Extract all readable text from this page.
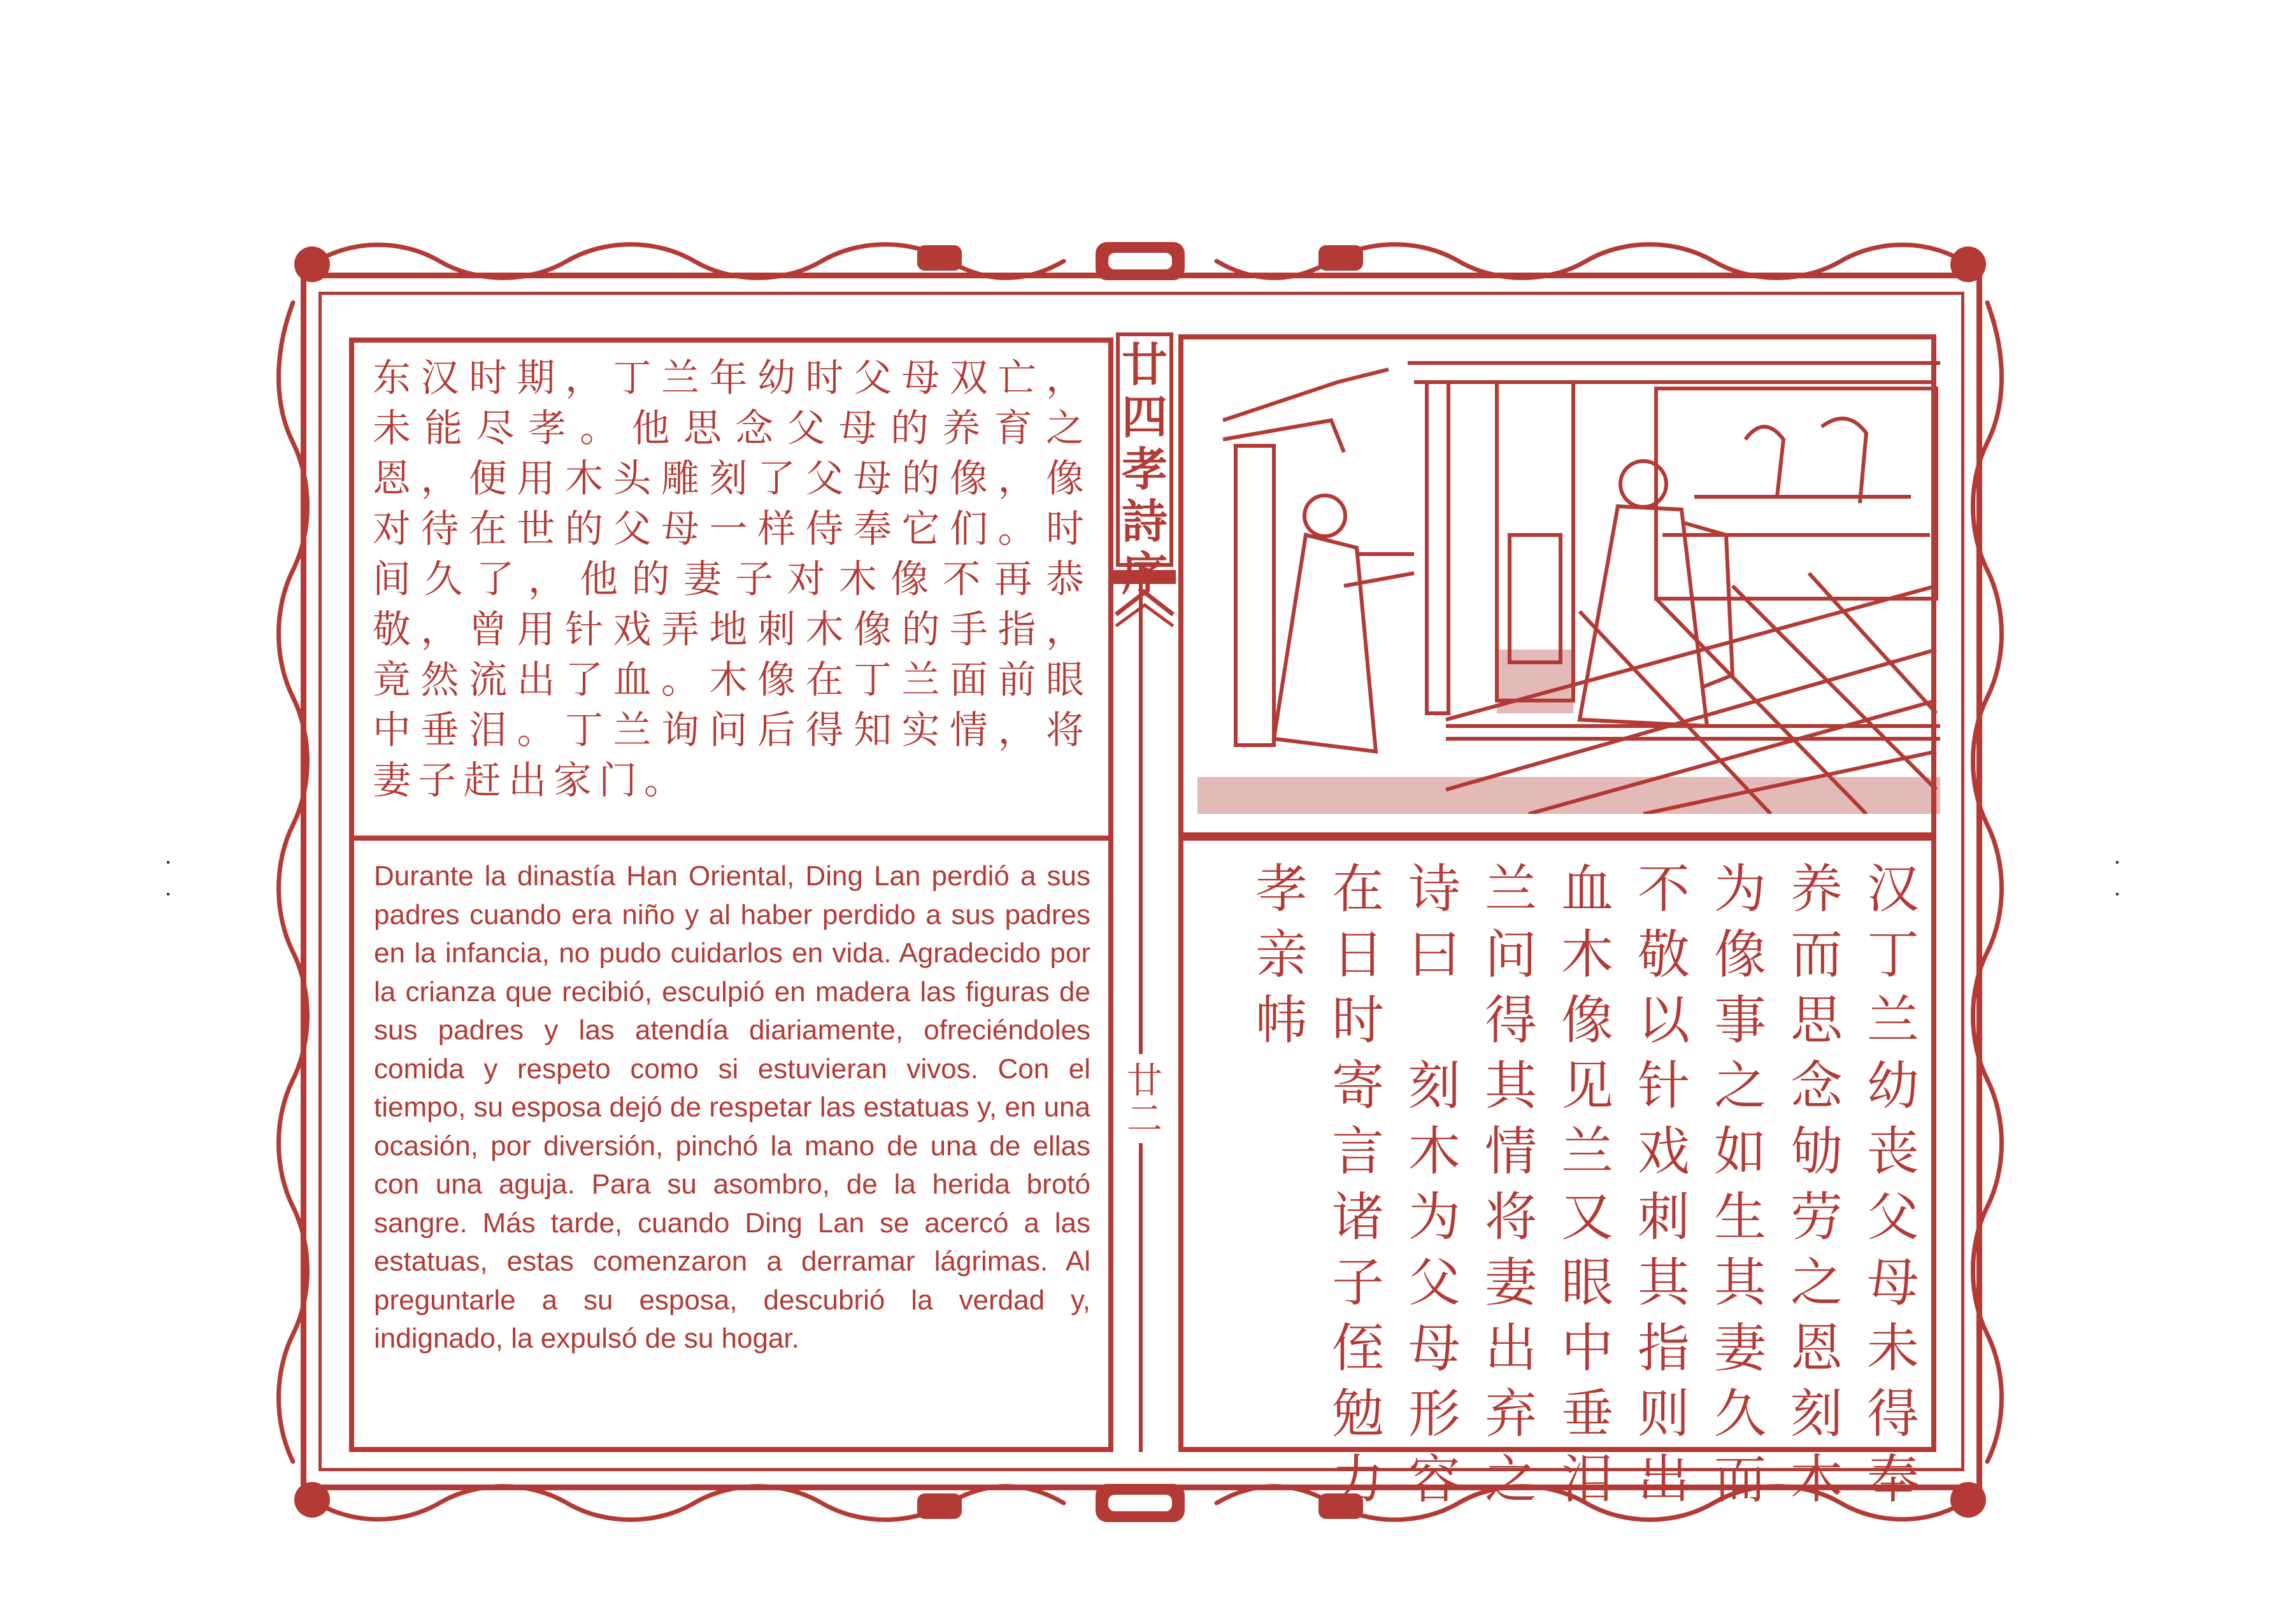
东汉时期，丁兰年幼时父母双亡，未能尽孝。他思念父母的养育之恩，便用木头雕刻了父母的像，像对待在世的父母一样侍奉它们。时间久了，他的妻子对木像不再恭敬，曾用针戏弄地刺木像的手指，竟然流出了血。木像在丁兰面前眼中垂泪。丁兰询问后得知实情，将妻子赶出家门。

Durante la dinastía Han Oriental, Ding Lan perdió a sus padres cuando era niño y al haber perdido a sus padres en la infancia, no pudo cuidarlos en vida. Agradecido por la crianza que recibió, esculpió en madera las figuras de sus padres y las atendía diariamente, ofreciéndoles comida y respeto como si estuvieran vivos. Con el tiempo, su esposa dejó de respetar las estatuas y, en una ocasión, por diversión, pinchó la mano de una de ellas con una aguja. Para su asombro, de la herida brotó sangre. Más tarde, cuando Ding Lan se acercó a las estatuas, estas comenzaron a derramar lágrimas. Al preguntarle a su esposa, descubrió la verdad y, indignado, la expulsó de su hogar.

廿
四
孝
詩
廿
二
汉
丁
兰
幼
丧
父
母
未
得
奉
养
而
思
念
劬
劳
之
恩
刻
木
为
像
事
之
如
生
其
妻
久
而
不
敬
以
针
戏
刺
其
指
则
出
血
木
像
见
兰
又
眼
中
垂
泪
兰
问
得
其
情
将
妻
出
弃
之
诗
曰

刻
木
为
父
母
形
容
在
日
时
寄
言
诸
子
侄
勉
力
孝
亲
帏
